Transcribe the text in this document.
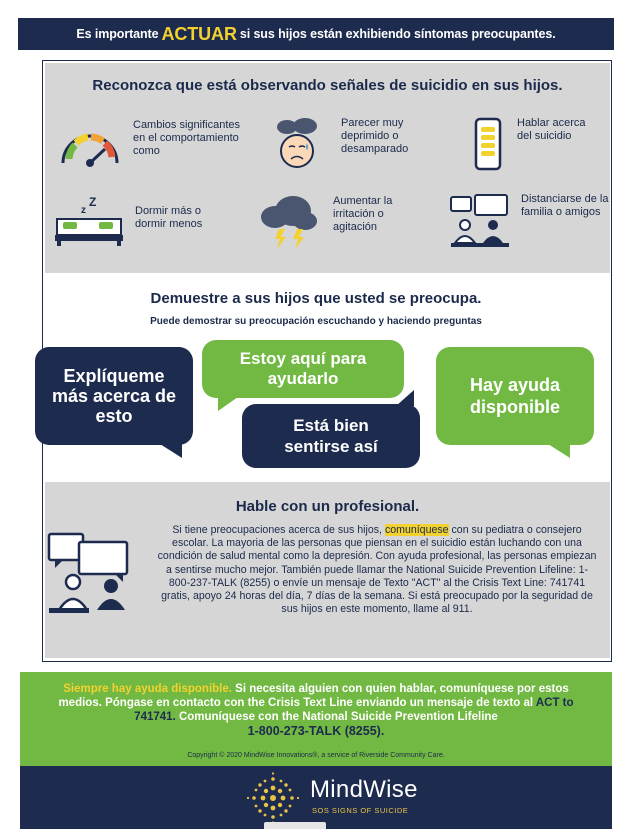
Es importante ACTUAR si sus hijos están exhibiendo síntomas preocupantes.
Reconozca que está observando señales de suicidio en sus hijos.
Cambios significantes en el comportamiento como
Parecer muy deprimido o desamparado
Hablar acerca del suicidio
z
Z
Dormir más o dormir menos
Aumentar la irritación o agitación
Distanciarse de la familia o amigos
Demuestre a sus hijos que usted se preocupa.
Puede demostrar su preocupación escuchando y haciendo preguntas
Explíqueme más acerca de esto
Estoy aquí para ayudarlo
Está bien sentirse así
Hay ayuda disponible
Hable con un profesional.
Si tiene preocupaciones acerca de sus hijos, comuníquese con su pediatra o consejero escolar. La mayoria de las personas que piensan en el suicidio están luchando con una condición de salud mental como la depresión. Con ayuda profesional, las personas empiezan a sentirse mucho mejor. También puede llamar the National Suicide Prevention Lifeline: 1-800-237-TALK (8255) o envíe un mensaje de Texto "ACT" al the Crisis Text Line: 741741 gratis, apoyo 24 horas del día, 7 días de la semana. Si está preocupado por la seguridad de sus hijos en este momento, llame al 911.
Siempre hay ayuda disponible. Si necesita alguien con quien hablar, comuníquese por estos medios. Póngase en contacto con the Crisis Text Line enviando un mensaje de texto al ACT to 741741. Comuníquese con the National Suicide Prevention Lifeline
1-800-273-TALK (8255).
Copyright © 2020 MindWise Innovations®, a service of Riverside Community Care.
MindWise
SOS SIGNS OF SUICIDE
